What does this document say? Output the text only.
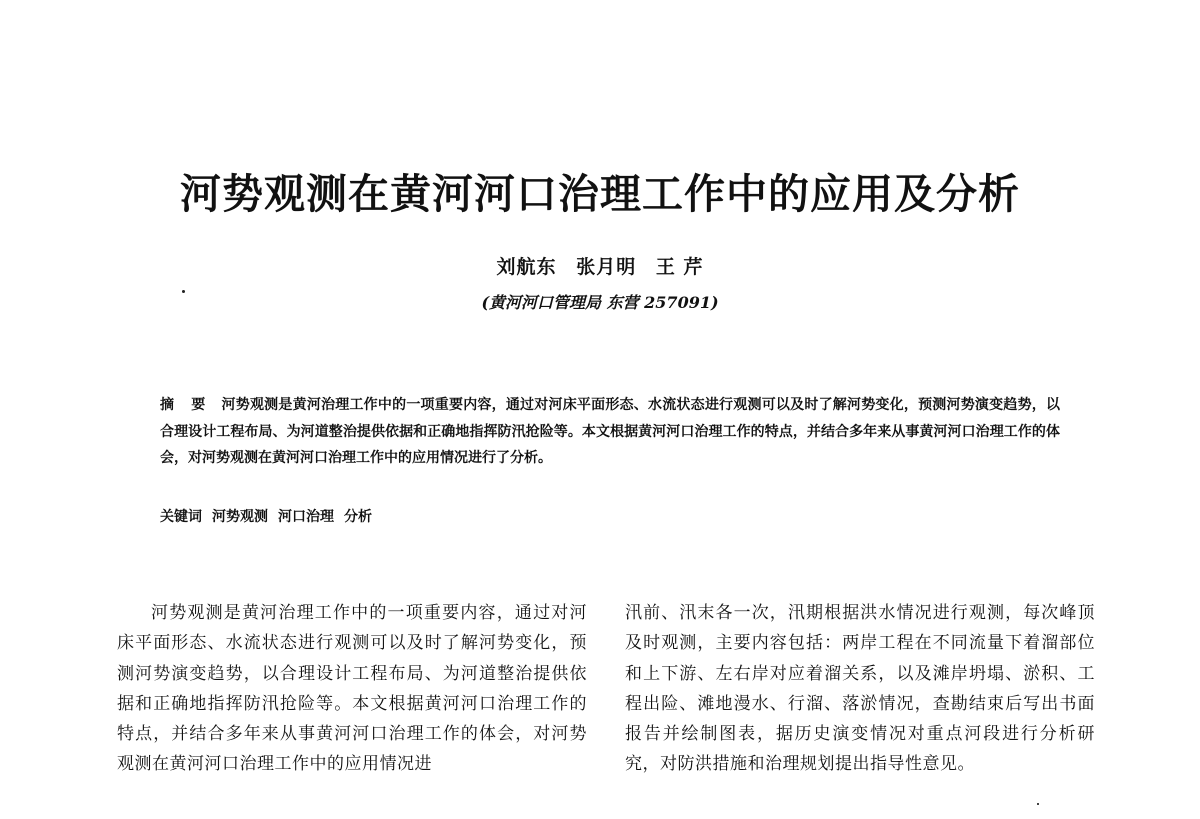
河势观测在黄河河口治理工作中的应用及分析
刘航东 张月明 王 芹
(黄河河口管理局 东营 257091)

摘 要 河势观测是黄河治理工作中的一项重要内容，通过对河床平面形态、水流状态进行观测可以及时了解河势变化，预测河势演变趋势，以合理设计工程布局、为河道整治提供依据和正确地指挥防汛抢险等。本文根据黄河河口治理工作的特点，并结合多年来从事黄河河口治理工作的体会，对河势观测在黄河河口治理工作中的应用情况进行了分析。

关键词 河势观测 河口治理 分析

河势观测是黄河治理工作中的一项重要内容，通过对河床平面形态、水流状态进行观测可以及时了解河势变化，预测河势演变趋势，以合理设计工程布局、为河道整治提供依据和正确地指挥防汛抢险等。本文根据黄河河口治理工作的特点，并结合多年来从事黄河河口治理工作的体会，对河势观测在黄河河口治理工作中的应用情况进

汛前、汛末各一次，汛期根据洪水情况进行观测，每次峰顶及时观测，主要内容包括：两岸工程在不同流量下着溜部位和上下游、左右岸对应着溜关系，以及滩岸坍塌、淤积、工程出险、滩地漫水、行溜、落淤情况，查勘结束后写出书面报告并绘制图表，据历史演变情况对重点河段进行分析研究，对防洪措施和治理规划提出指导性意见。
